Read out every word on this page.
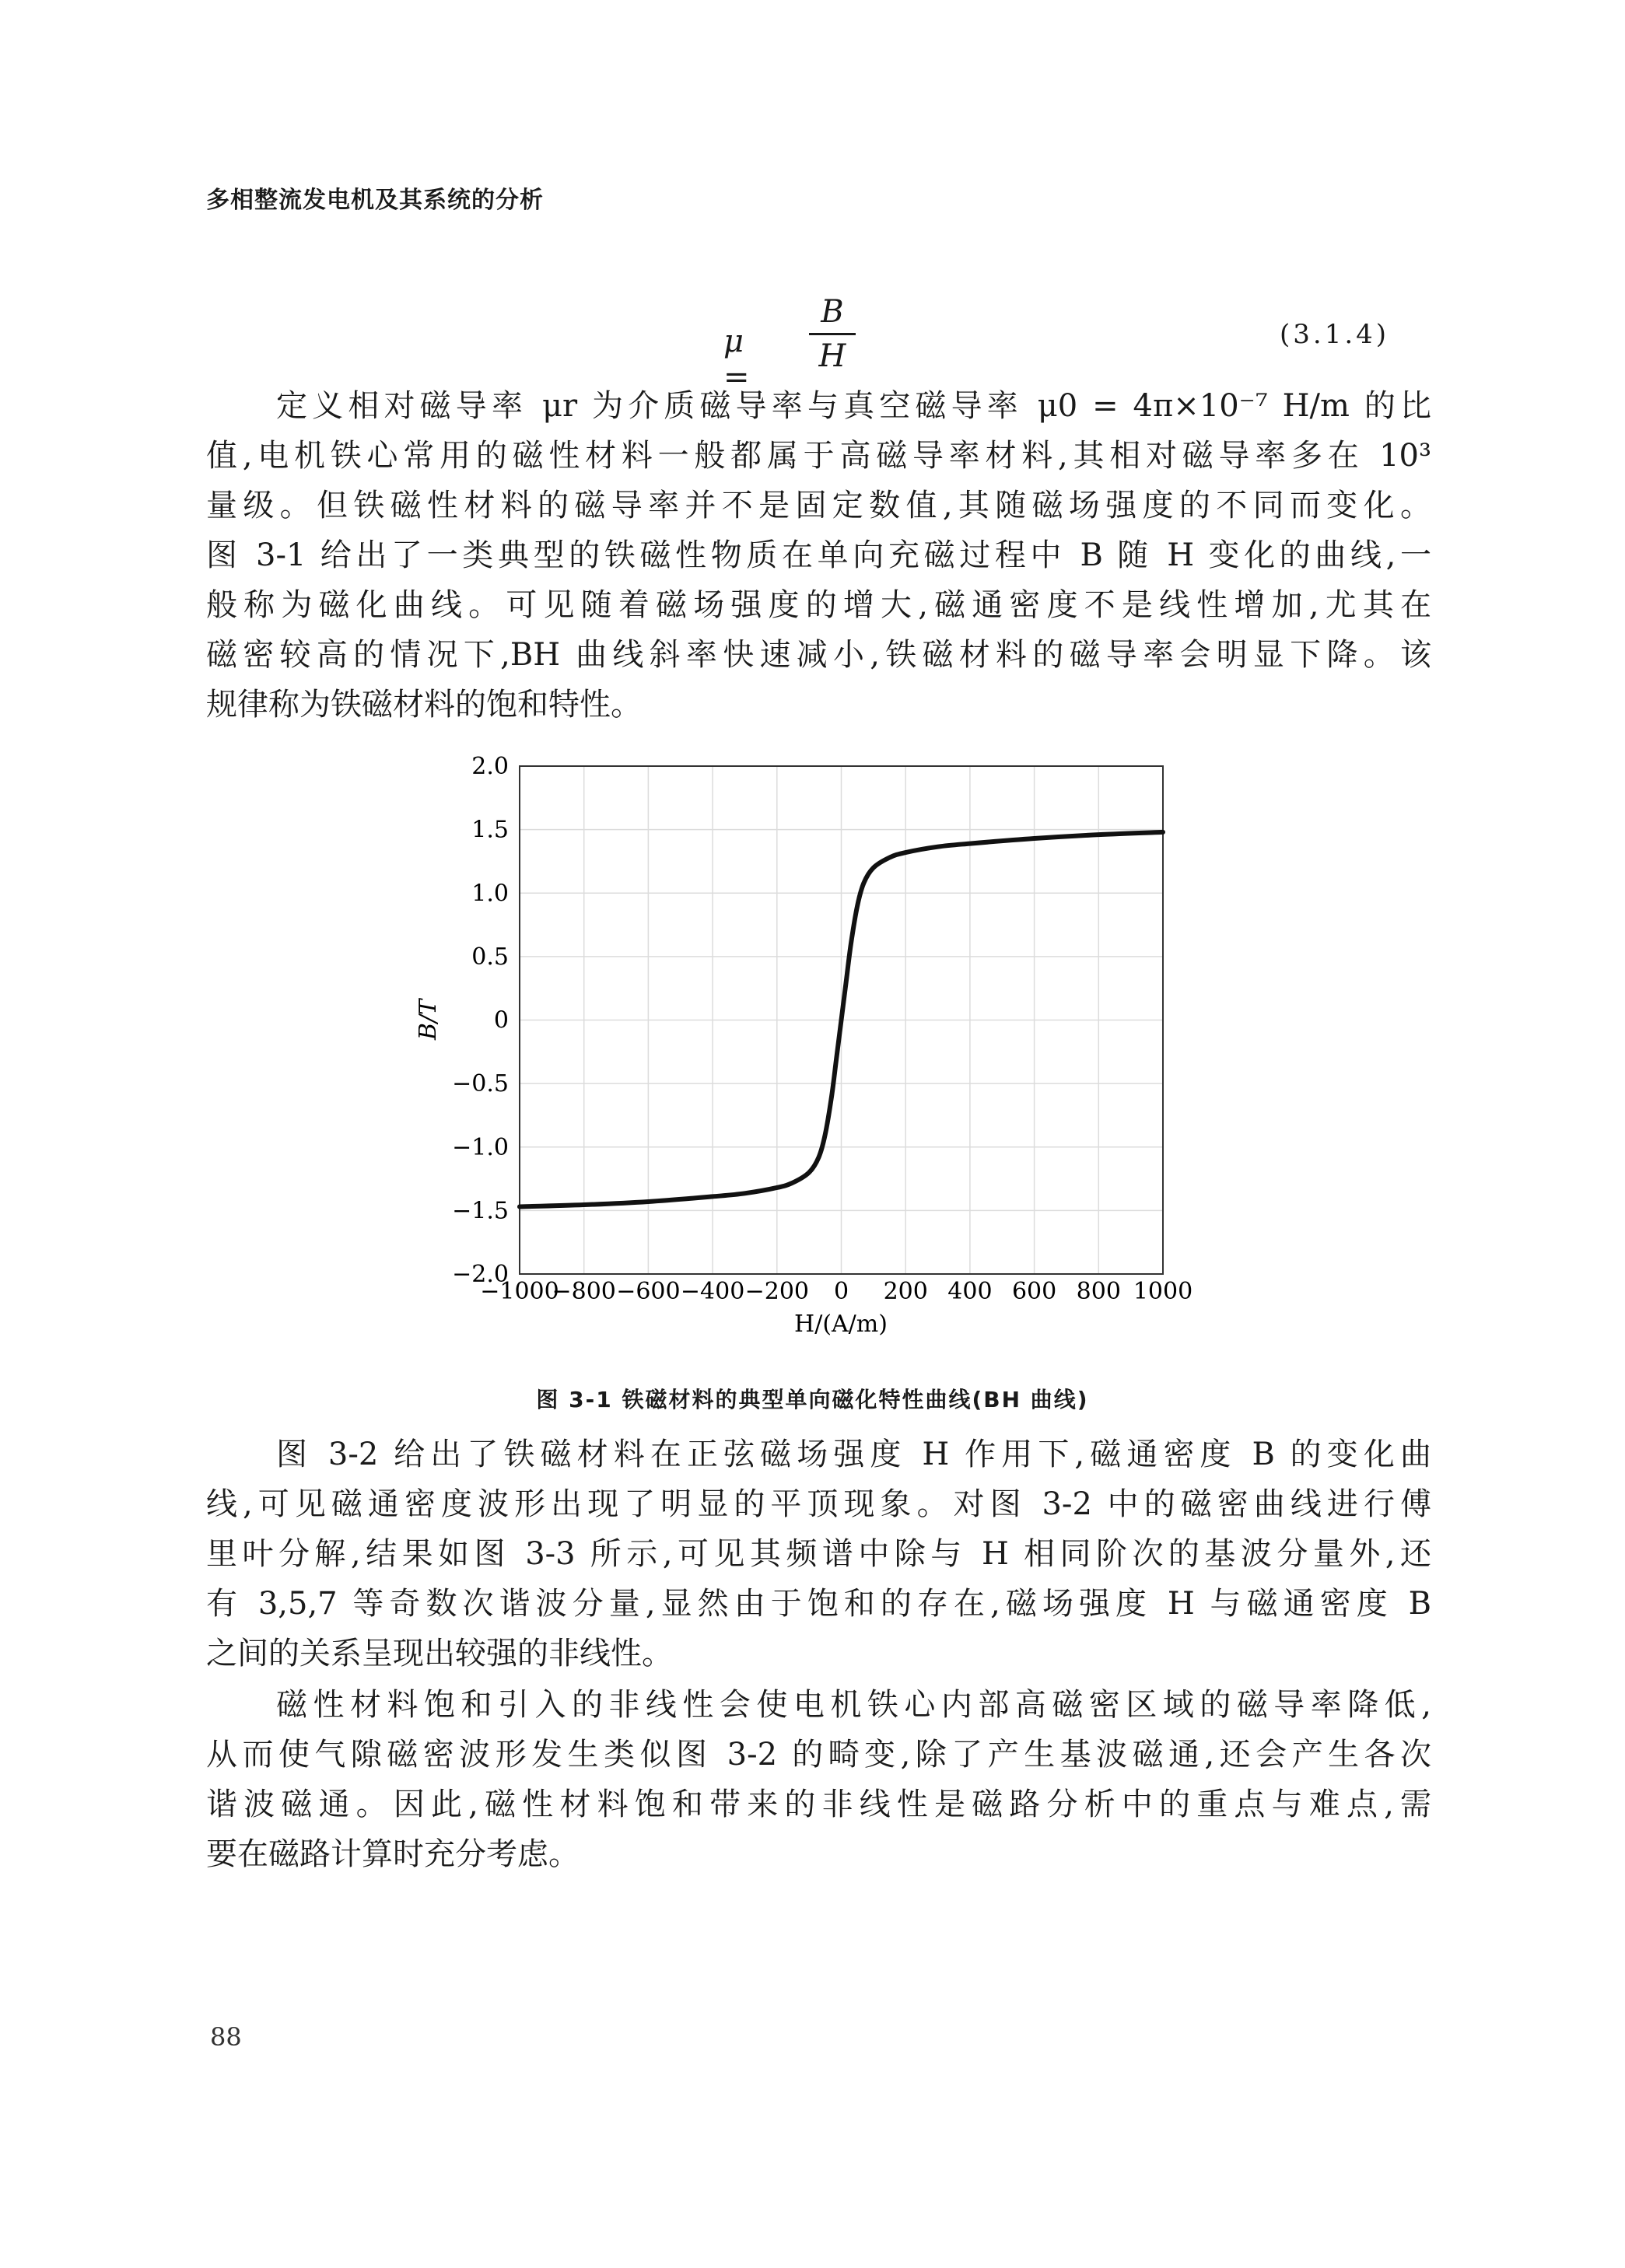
多相整流发电机及其系统的分析
μ =
B
H
(3.1.4)
定义相对磁导率 μr 为介质磁导率与真空磁导率 μ0 = 4π×10⁻⁷ H/m 的比
值,电机铁心常用的磁性材料一般都属于高磁导率材料,其相对磁导率多在 10³
量级。但铁磁性材料的磁导率并不是固定数值,其随磁场强度的不同而变化。
图 3-1 给出了一类典型的铁磁性物质在单向充磁过程中 B 随 H 变化的曲线,一
般称为磁化曲线。可见随着磁场强度的增大,磁通密度不是线性增加,尤其在
磁密较高的情况下,BH 曲线斜率快速减小,铁磁材料的磁导率会明显下降。该
规律称为铁磁材料的饱和特性。
2.0
1.5
1.0
0.5
0
−0.5
−1.0
−1.5
−2.0
−1000
−800 −600 −400 −200 0 200 400 600 800 1000
B/T
H/(A/m)
图 3-1 铁磁材料的典型单向磁化特性曲线(BH 曲线)
图 3-2 给出了铁磁材料在正弦磁场强度 H 作用下,磁通密度 B 的变化曲
线,可见磁通密度波形出现了明显的平顶现象。对图 3-2 中的磁密曲线进行傅
里叶分解,结果如图 3-3 所示,可见其频谱中除与 H 相同阶次的基波分量外,还
有 3,5,7 等奇数次谐波分量,显然由于饱和的存在,磁场强度 H 与磁通密度 B
之间的关系呈现出较强的非线性。
磁性材料饱和引入的非线性会使电机铁心内部高磁密区域的磁导率降低,
从而使气隙磁密波形发生类似图 3-2 的畸变,除了产生基波磁通,还会产生各次
谐波磁通。因此,磁性材料饱和带来的非线性是磁路分析中的重点与难点,需
要在磁路计算时充分考虑。
88
